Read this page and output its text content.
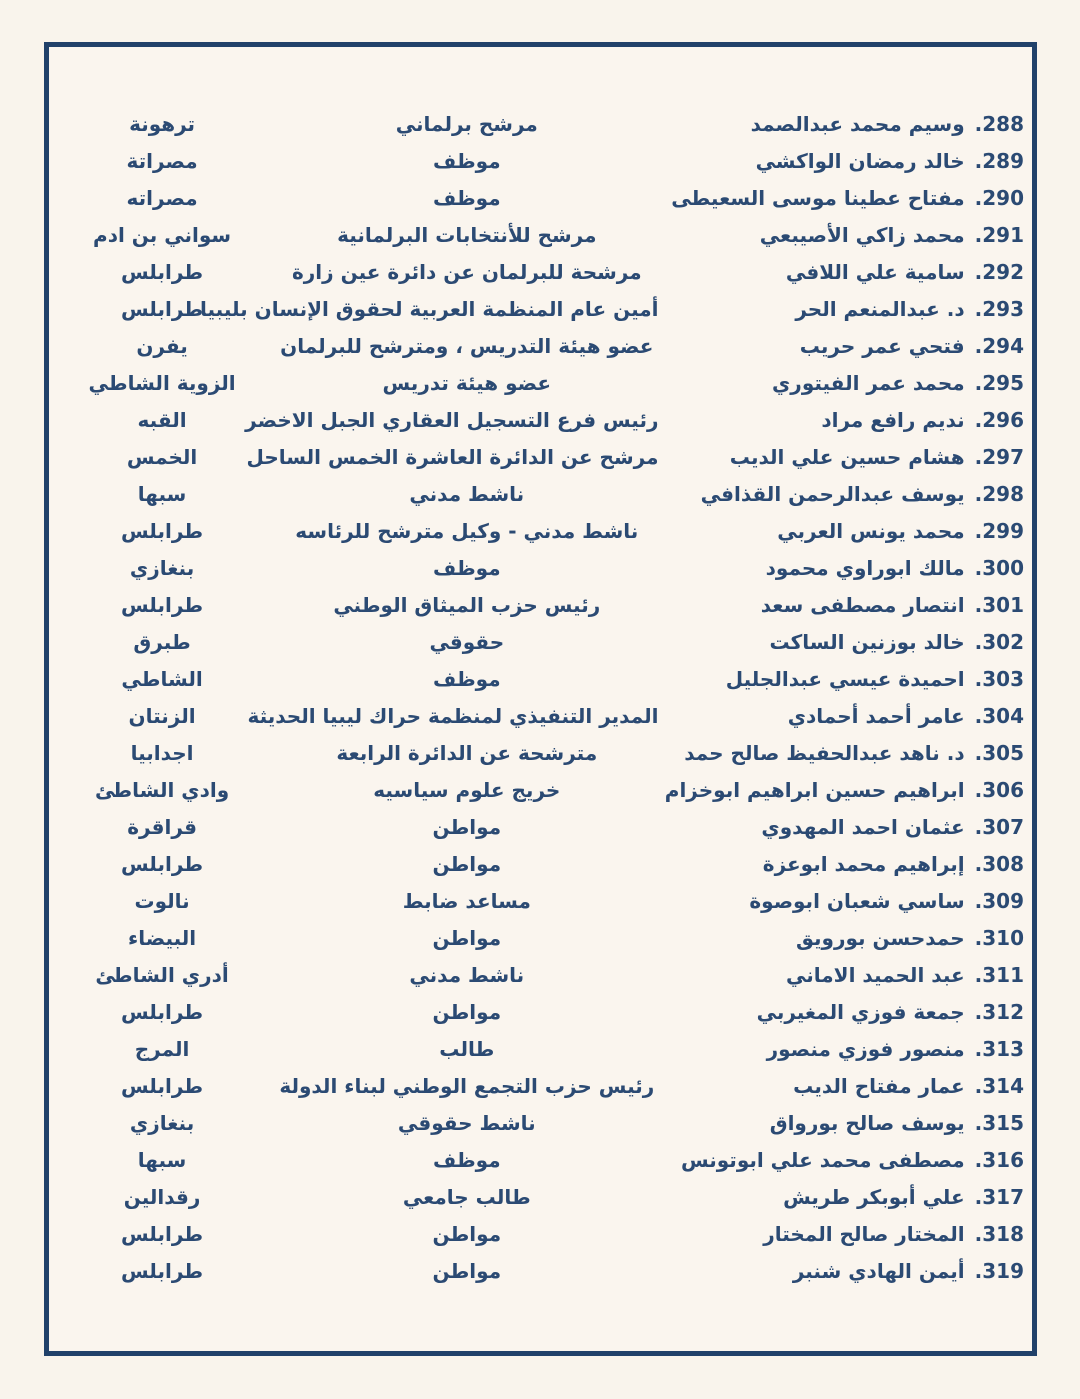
288.وسيم محمد عبدالصمد
مرشح برلماني
ترهونة
289.خالد رمضان الواكشي
موظف
مصراتة
290.مفتاح عطينا موسى السعيطى
موظف
مصراته
291.محمد زاكي الأصيبعي
مرشح للأنتخابات البرلمانية
سواني بن ادم
292.سامية علي اللافي
مرشحة للبرلمان عن دائرة عين زارة
طرابلس
293.د. عبدالمنعم الحر
أمين عام المنظمة العربية لحقوق الإنسان بليبيا
طرابلس
294.فتحي عمر حريب
عضو هيئة التدريس ، ومترشح للبرلمان
يفرن
295.محمد عمر الفيتوري
عضو هيئة تدريس
الزوية الشاطي
296.نديم رافع مراد
رئيس فرع التسجيل العقاري الجبل الاخضر
القبه
297.هشام حسين علي الديب
مرشح عن الدائرة العاشرة الخمس الساحل
الخمس
298.يوسف عبدالرحمن القذافي
ناشط مدني
سبها
299.محمد يونس العربي
ناشط مدني - وكيل مترشح للرئاسه
طرابلس
300.مالك ابوراوي محمود
موظف
بنغازي
301.انتصار مصطفى سعد
رئيس حزب الميثاق الوطني
طرابلس
302.خالد بوزنين الساكت
حقوقي
طبرق
303.احميدة عيسي عبدالجليل
موظف
الشاطي
304.عامر أحمد أحمادي
المدير التنفيذي لمنظمة حراك ليبيا الحديثة
الزنتان
305.د. ناهد عبدالحفيظ صالح حمد
مترشحة عن الدائرة الرابعة
اجدابيا
306.ابراهيم حسين ابراهيم ابوخزام
خريج علوم سياسيه
وادي الشاطئ
307.عثمان احمد المهدوي
مواطن
قراقرة
308.إبراهيم محمد ابوعزة
مواطن
طرابلس
309.ساسي شعبان ابوصوة
مساعد ضابط
نالوت
310.حمدحسن بورويق
مواطن
البيضاء
311.عبد الحميد الاماني
ناشط مدني
أدري الشاطئ
312.جمعة فوزي المغيربي
مواطن
طرابلس
313.منصور فوزي منصور
طالب
المرج
314.عمار مفتاح الديب
رئيس حزب التجمع الوطني لبناء الدولة
طرابلس
315.يوسف صالح بورواق
ناشط حقوقي
بنغازي
316.مصطفى محمد علي ابوتونس
موظف
سبها
317.علي أبوبكر طريش
طالب جامعي
رقدالين
318.المختار صالح المختار
مواطن
طرابلس
319.أيمن الهادي شنبر
مواطن
طرابلس
